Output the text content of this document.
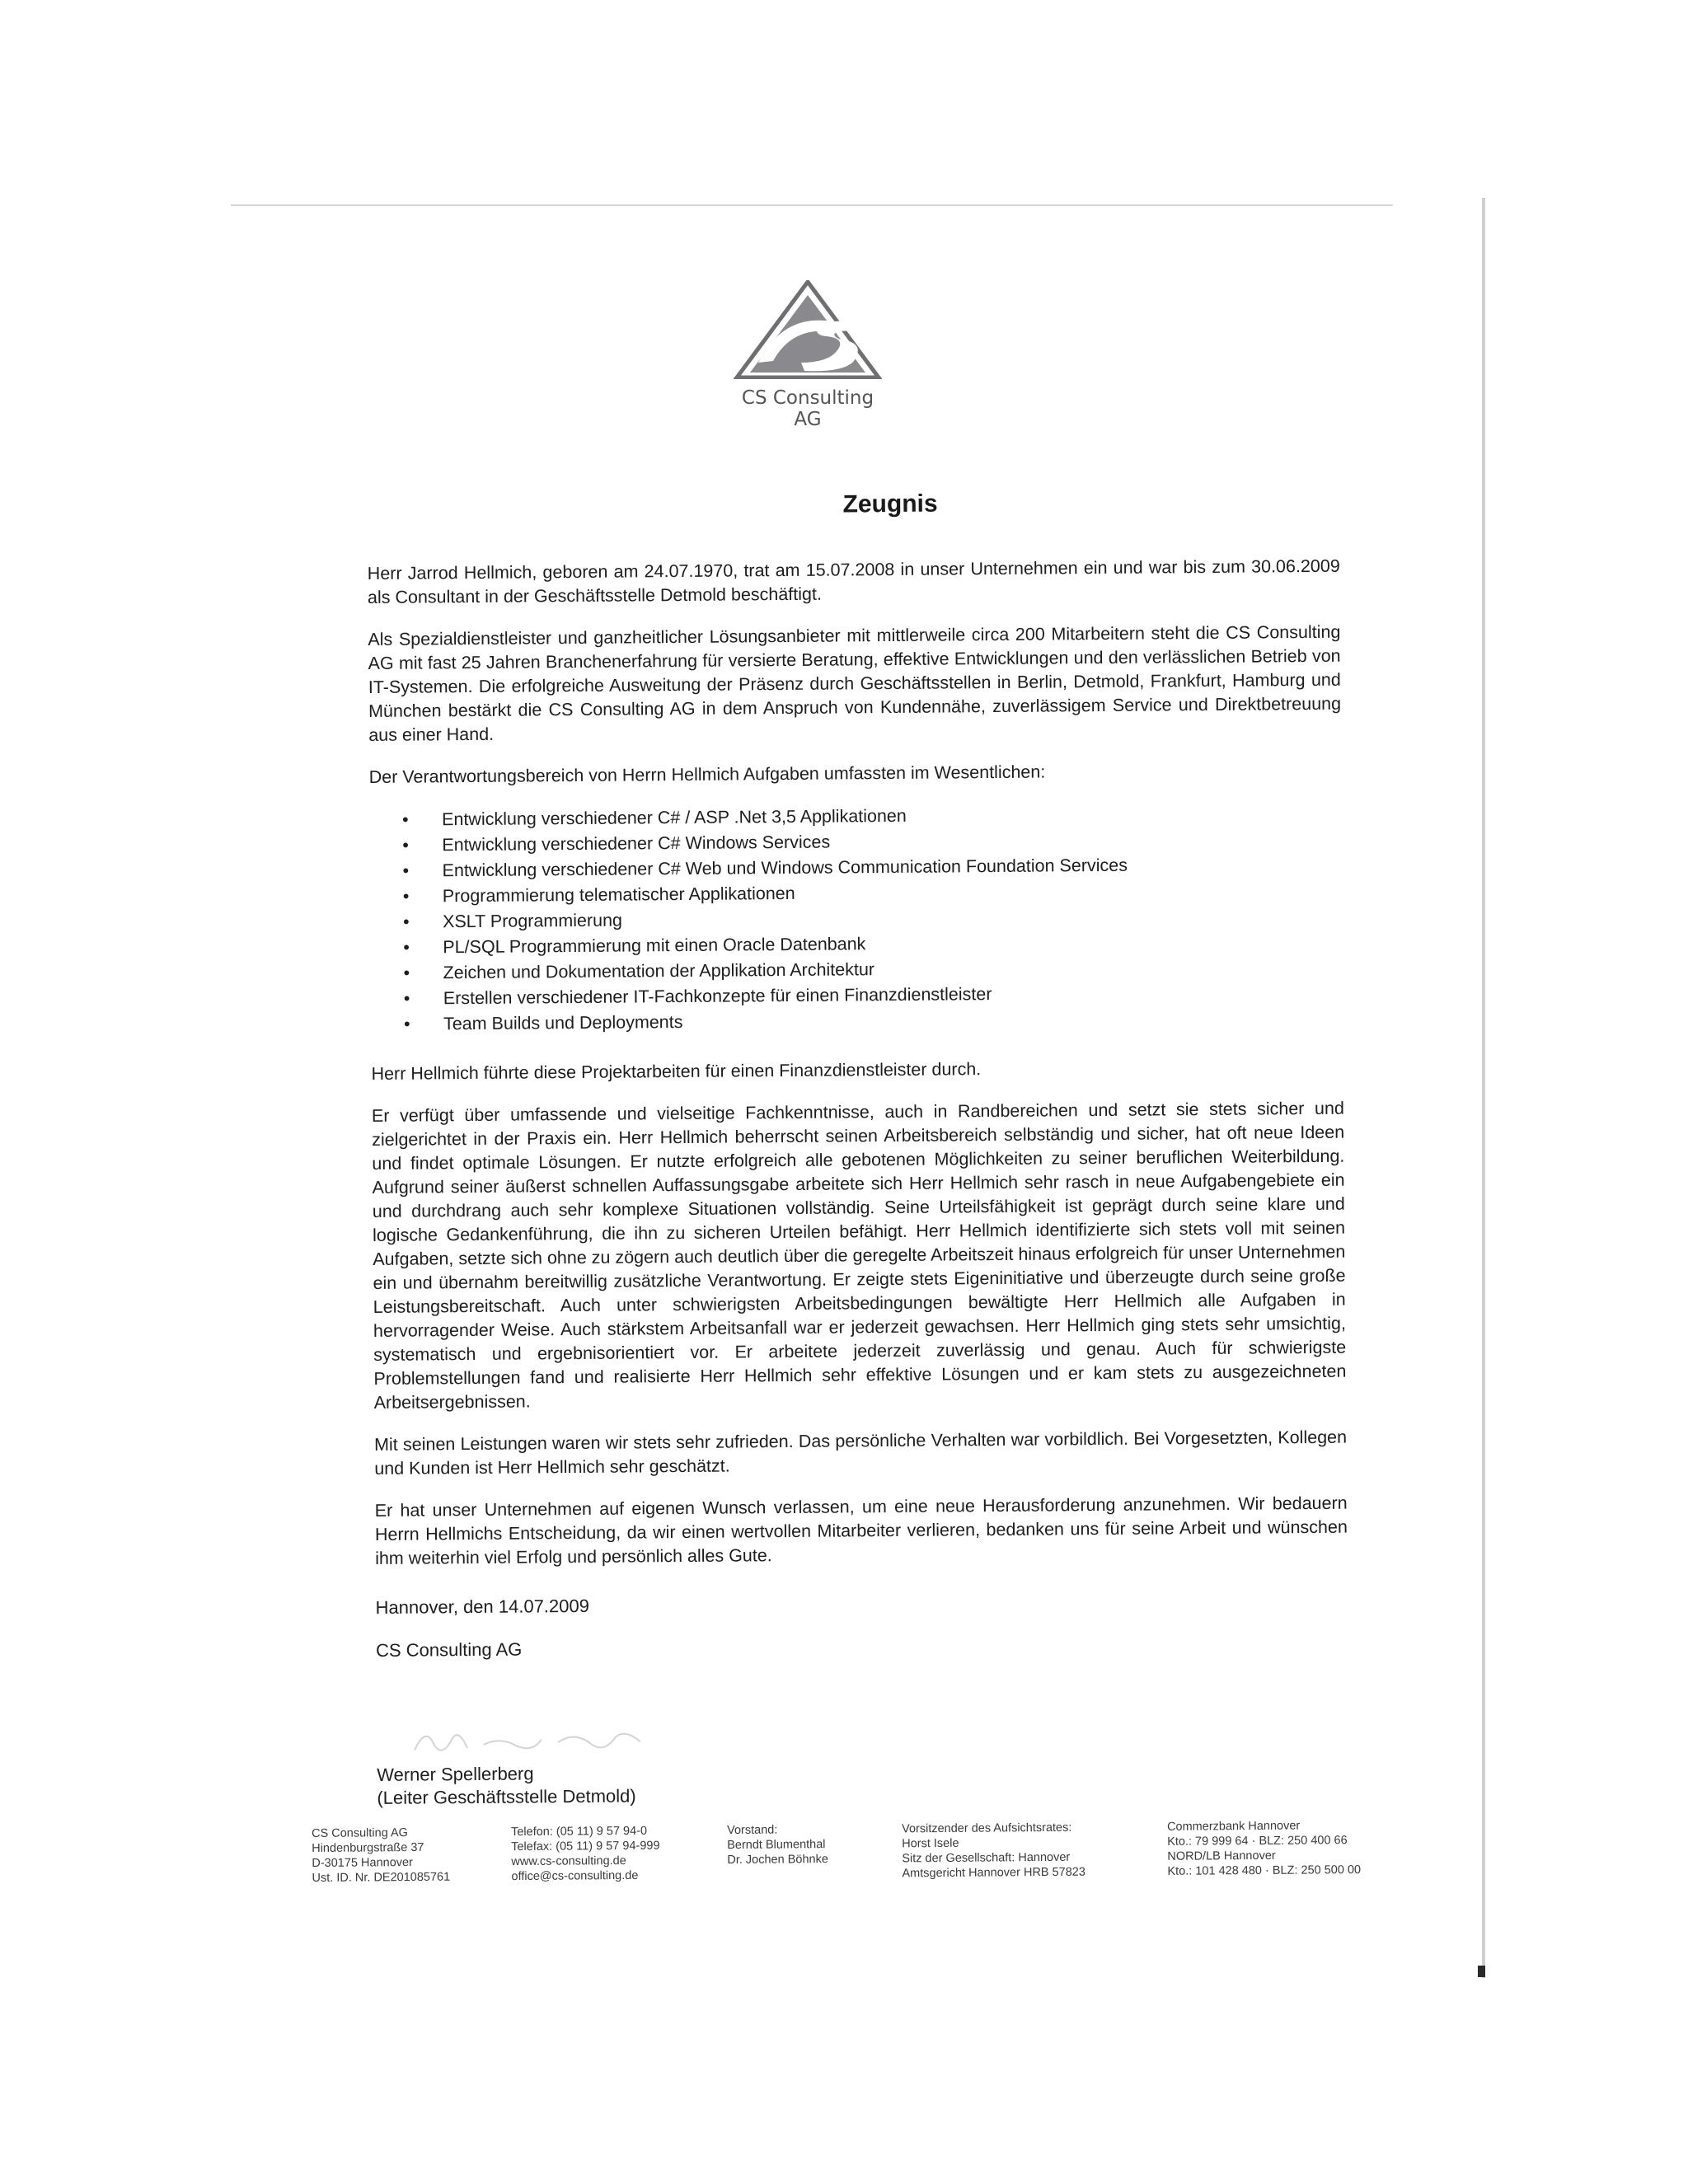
CS Consulting AG
Zeugnis

Herr Jarrod Hellmich, geboren am 24.07.1970, trat am 15.07.2008 in unser Unternehmen ein und war bis zum 30.06.2009 als Consultant in der Geschäftsstelle Detmold beschäftigt.

Als Spezialdienstleister und ganzheitlicher Lösungsanbieter mit mittlerweile circa 200 Mitarbeitern steht die CS Consulting AG mit fast 25 Jahren Branchenerfahrung für versierte Beratung, effektive Entwicklungen und den verlässlichen Betrieb von IT-Systemen. Die erfolgreiche Ausweitung der Präsenz durch Geschäftsstellen in Berlin, Detmold, Frankfurt, Hamburg und München bestärkt die CS Consulting AG in dem Anspruch von Kundennähe, zuverlässigem Service und Direktbetreuung aus einer Hand.

Der Verantwortungsbereich von Herrn Hellmich Aufgaben umfassten im Wesentlichen:

• Entwicklung verschiedener C# / ASP .Net 3,5 Applikationen
• Entwicklung verschiedener C# Windows Services
• Entwicklung verschiedener C# Web und Windows Communication Foundation Services
• Programmierung telematischer Applikationen
• XSLT Programmierung
• PL/SQL Programmierung mit einen Oracle Datenbank
• Zeichen und Dokumentation der Applikation Architektur
• Erstellen verschiedener IT-Fachkonzepte für einen Finanzdienstleister
• Team Builds und Deployments

Herr Hellmich führte diese Projektarbeiten für einen Finanzdienstleister durch.

Er verfügt über umfassende und vielseitige Fachkenntnisse, auch in Randbereichen und setzt sie stets sicher und zielgerichtet in der Praxis ein. Herr Hellmich beherrscht seinen Arbeitsbereich selbständig und sicher, hat oft neue Ideen und findet optimale Lösungen. Er nutzte erfolgreich alle gebotenen Möglichkeiten zu seiner beruflichen Weiterbildung. Aufgrund seiner äußerst schnellen Auffassungsgabe arbeitete sich Herr Hellmich sehr rasch in neue Aufgabengebiete ein und durchdrang auch sehr komplexe Situationen vollständig. Seine Urteilsfähigkeit ist geprägt durch seine klare und logische Gedankenführung, die ihn zu sicheren Urteilen befähigt. Herr Hellmich identifizierte sich stets voll mit seinen Aufgaben, setzte sich ohne zu zögern auch deutlich über die geregelte Arbeitszeit hinaus erfolgreich für unser Unternehmen ein und übernahm bereitwillig zusätzliche Verantwortung. Er zeigte stets Eigeninitiative und überzeugte durch seine große Leistungsbereitschaft. Auch unter schwierigsten Arbeitsbedingungen bewältigte Herr Hellmich alle Aufgaben in hervorragender Weise. Auch stärkstem Arbeitsanfall war er jederzeit gewachsen. Herr Hellmich ging stets sehr umsichtig, systematisch und ergebnisorientiert vor. Er arbeitete jederzeit zuverlässig und genau. Auch für schwierigste Problemstellungen fand und realisierte Herr Hellmich sehr effektive Lösungen und er kam stets zu ausgezeichneten Arbeitsergebnissen.

Mit seinen Leistungen waren wir stets sehr zufrieden. Das persönliche Verhalten war vorbildlich. Bei Vorgesetzten, Kollegen und Kunden ist Herr Hellmich sehr geschätzt.

Er hat unser Unternehmen auf eigenen Wunsch verlassen, um eine neue Herausforderung anzunehmen. Wir bedauern Herrn Hellmichs Entscheidung, da wir einen wertvollen Mitarbeiter verlieren, bedanken uns für seine Arbeit und wünschen ihm weiterhin viel Erfolg und persönlich alles Gute.

Hannover, den 14.07.2009
CS Consulting AG
Werner Spellerberg
(Leiter Geschäftsstelle Detmold)
CS Consulting AG
Hindenburgstraße 37
D-30175 Hannover
Ust. ID. Nr. DE201085761
Telefon: (05 11) 9 57 94-0
Telefax: (05 11) 9 57 94-999
www.cs-consulting.de
office@cs-consulting.de
Vorstand:
Berndt Blumenthal
Dr. Jochen Böhnke
Vorsitzender des Aufsichtsrates:
Horst Isele
Sitz der Gesellschaft: Hannover
Amtsgericht Hannover HRB 57823
Commerzbank Hannover
Kto.: 79 999 64 · BLZ: 250 400 66
NORD/LB Hannover
Kto.: 101 428 480 · BLZ: 250 500 00
